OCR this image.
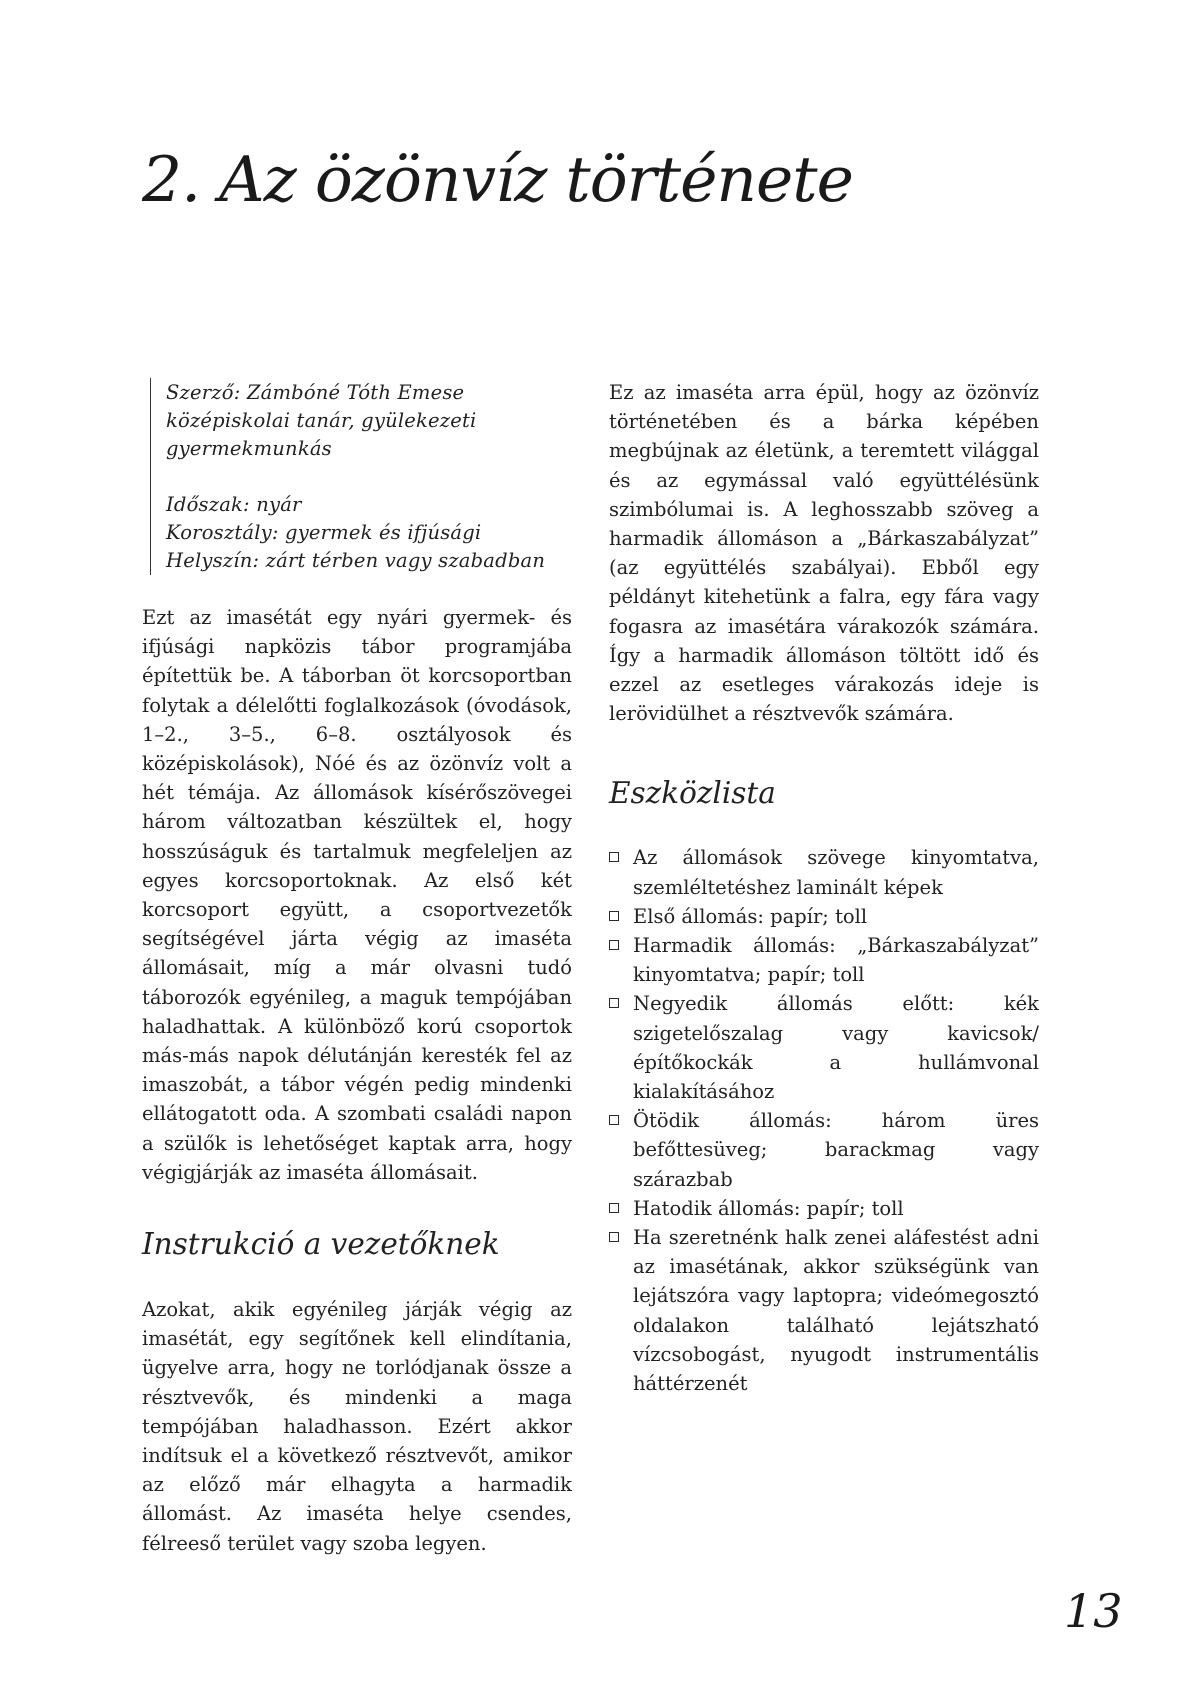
2. Az özönvíz története

Szerző: Zámbóné Tóth Emese

középiskolai tanár, gyülekezeti

gyermekmunkás

Időszak: nyár

Korosztály: gyermek és ifjúsági

Helyszín: zárt térben vagy szabadban

Ezt az imasétát egy nyári gyermek- és ifjúsági napközis tábor programjába építettük be. A táborban öt korcsoportban folytak a délelőtti foglalkozások (óvodások, 1–2., 3–5., 6–8. osztályosok és középiskolások), Nóé és az özönvíz volt a hét témája. Az állomások kísérőszövegei három változatban készültek el, hogy hosszúságuk és tartalmuk megfeleljen az egyes korcsoportoknak. Az első két korcsoport együtt, a csoportvezetők segítségével járta végig az imaséta állomásait, míg a már olvasni tudó táborozók egyénileg, a maguk tempójában haladhattak. A különböző korú csoportok más-más napok délutánján keresték fel az imaszobát, a tábor végén pedig mindenki ellátogatott oda. A szombati családi napon a szülők is lehetőséget kaptak arra, hogy végigjárják az imaséta állomásait.

Instrukció a vezetőknek

Azokat, akik egyénileg járják végig az imasétát, egy segítőnek kell elindítania, ügyelve arra, hogy ne torlódjanak össze a résztvevők, és mindenki a maga tempójában haladhasson. Ezért akkor indítsuk el a következő résztvevőt, amikor az előző már elhagyta a harmadik állomást. Az imaséta helye csendes, félreeső terület vagy szoba legyen.

Ez az imaséta arra épül, hogy az özönvíz történetében és a bárka képében megbújnak az életünk, a teremtett világgal és az egymással való együttélésünk szimbólumai is. A leghosszabb szöveg a harmadik állomáson a „Bárkaszabályzat” (az együttélés szabályai). Ebből egy példányt kitehetünk a falra, egy fára vagy fogasra az imasétára várakozók számára. Így a harmadik állomáson töltött idő és ezzel az esetleges várakozás ideje is lerövidülhet a résztvevők számára.

Eszközlista
Az állomások szövege kinyomtatva, szemléltetéshez laminált képek
Első állomás: papír; toll
Harmadik állomás: „Bárkaszabályzat” kinyomtatva; papír; toll
Negyedik állomás előtt: kék szigetelőszalag vagy kavicsok/építőkockák a hullámvonal kialakításához
Ötödik állomás: három üres befőttesüveg; barackmag vagy szárazbab
Hatodik állomás: papír; toll
Ha szeretnénk halk zenei aláfestést adni az imasétának, akkor szükségünk van lejátszóra vagy laptopra; videómegosztó oldalakon található lejátszható vízcsobogást, nyugodt instrumentális háttérzenét
13
